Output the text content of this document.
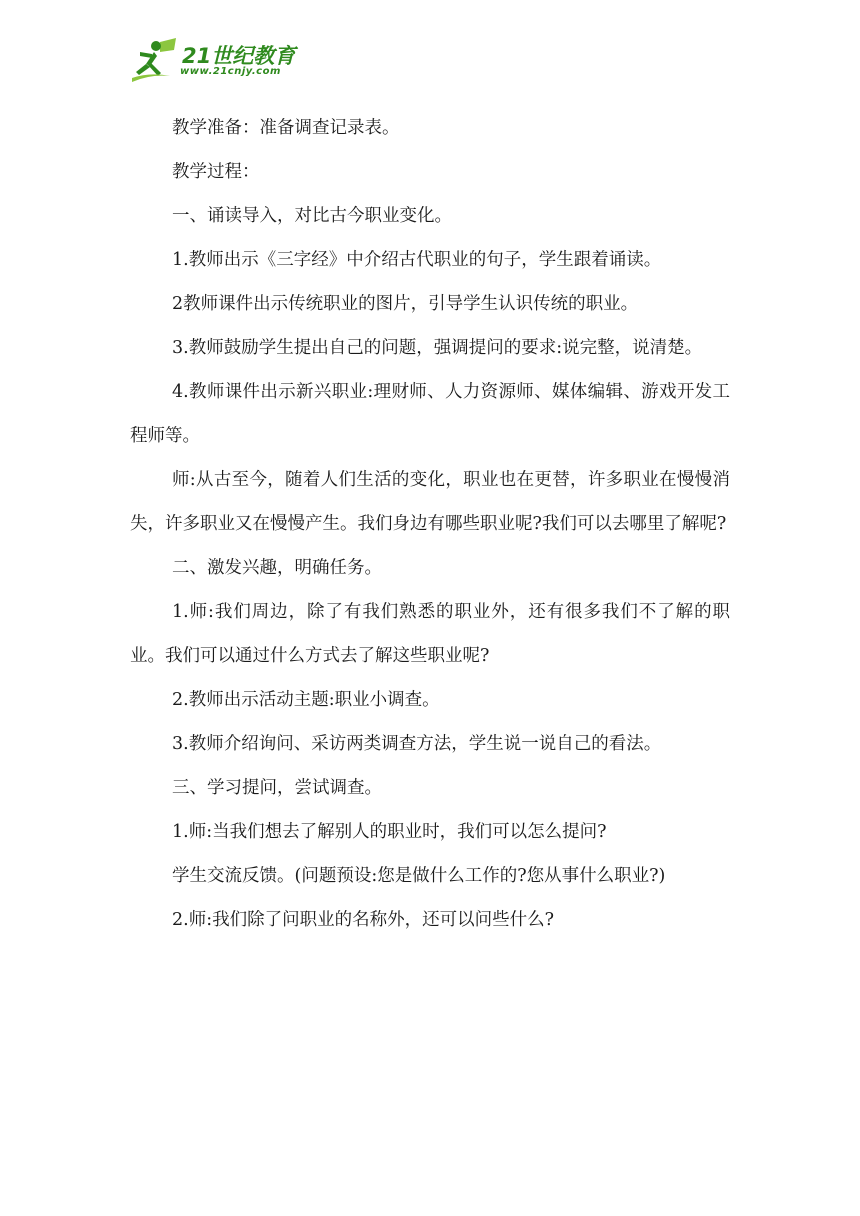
21世纪教育
www.21cnjy.com

教学准备：准备调查记录表。

教学过程：

一、诵读导入，对比古今职业变化。

1.教师出示《三字经》中介绍古代职业的句子，学生跟着诵读。

2教师课件出示传统职业的图片，引导学生认识传统的职业。

3.教师鼓励学生提出自己的问题，强调提问的要求:说完整，说清楚。

4.教师课件出示新兴职业:理财师、人力资源师、媒体编辑、游戏开发工程师等。

师:从古至今，随着人们生活的变化，职业也在更替，许多职业在慢慢消失，许多职业又在慢慢产生。我们身边有哪些职业呢?我们可以去哪里了解呢?

二、激发兴趣，明确任务。

1.师:我们周边，除了有我们熟悉的职业外，还有很多我们不了解的职业。我们可以通过什么方式去了解这些职业呢?

2.教师出示活动主题:职业小调查。

3.教师介绍询问、采访两类调查方法，学生说一说自己的看法。

三、学习提问，尝试调查。

1.师:当我们想去了解别人的职业时，我们可以怎么提问?

学生交流反馈。(问题预设:您是做什么工作的?您从事什么职业?)

2.师:我们除了问职业的名称外，还可以问些什么?
